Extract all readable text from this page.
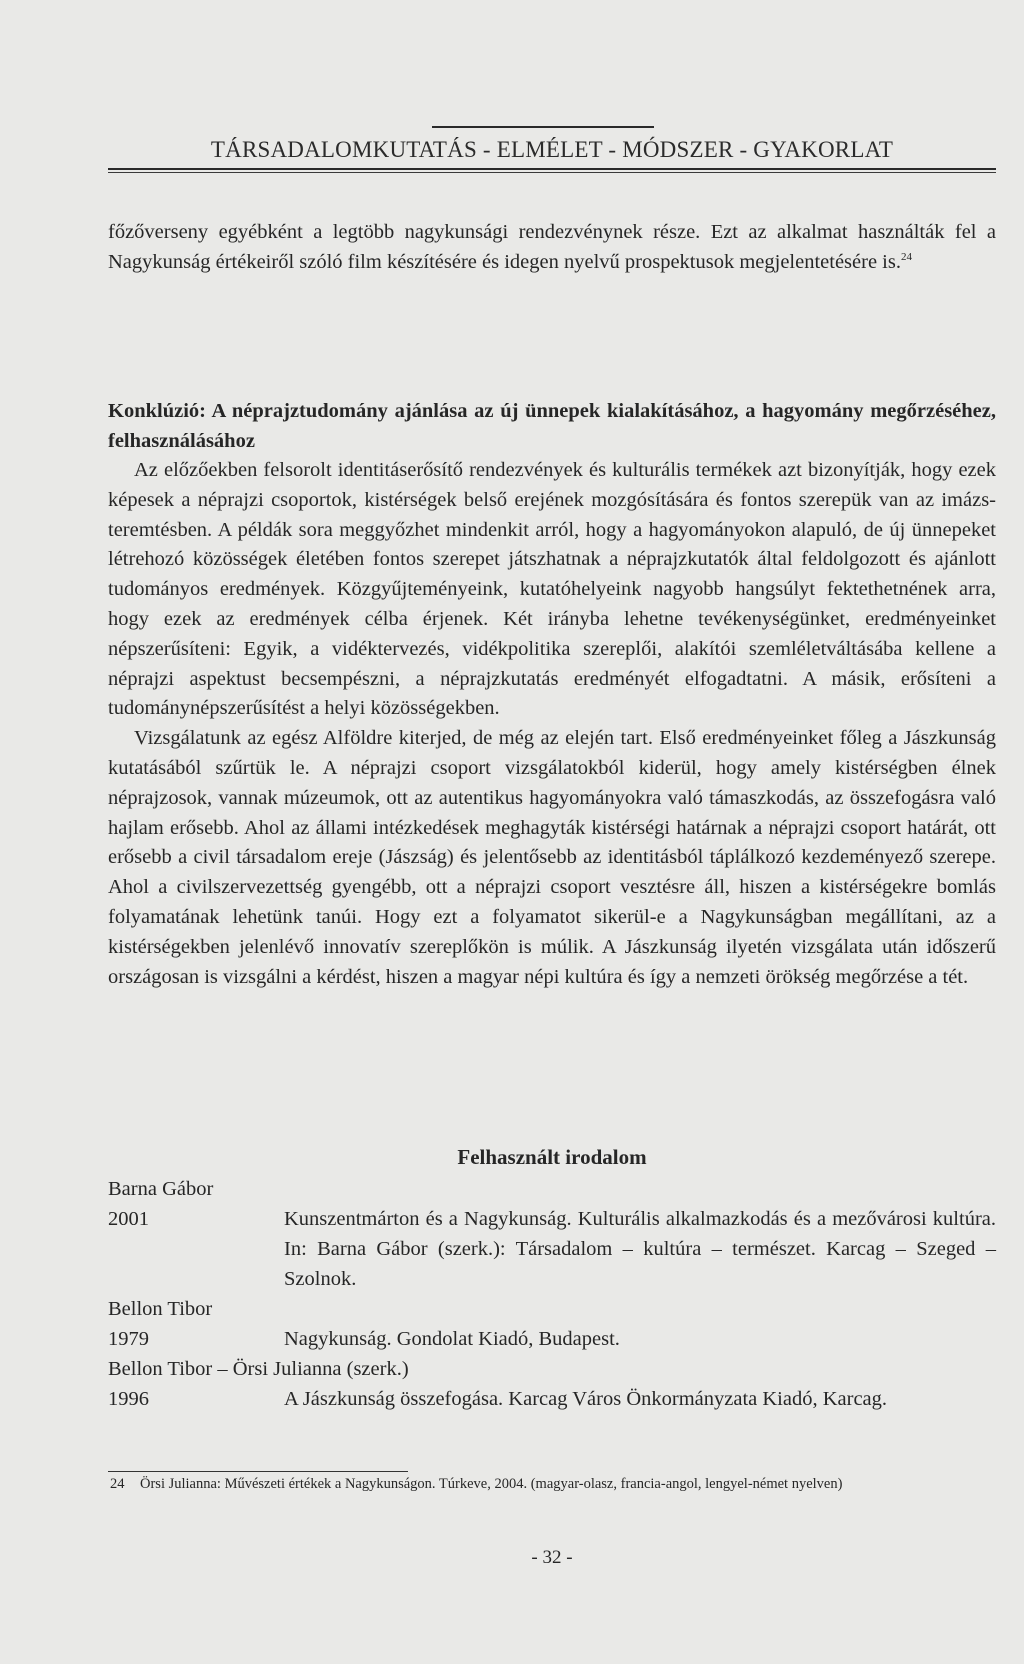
TÁRSADALOMKUTATÁS - ELMÉLET - MÓDSZER - GYAKORLAT

főzőverseny egyébként a legtöbb nagykunsági rendezvénynek része. Ezt az alkalmat használták fel a Nagykunság értékeiről szóló film készítésére és idegen nyelvű prospektusok megjelentetésére is.$^{24}$

Konklúzió: A néprajztudomány ajánlása az új ünnepek kialakításához, a hagyomány megőrzéséhez, felhasználásához

Az előzőekben felsorolt identitáserősítő rendezvények és kulturális termékek azt bizonyítják, hogy ezek képesek a néprajzi csoportok, kistérségek belső erejének mozgósítására és fontos szerepük van az imázs-teremtésben. A példák sora meggyőzhet mindenkit arról, hogy a hagyományokon alapuló, de új ünnepeket létrehozó közösségek életében fontos szerepet játszhatnak a néprajzkutatók által feldolgozott és ajánlott tudományos eredmények. Közgyűjteményeink, kutatóhelyeink nagyobb hangsúlyt fektethetnének arra, hogy ezek az eredmények célba érjenek. Két irányba lehetne tevékenységünket, eredményeinket népszerűsíteni: Egyik, a vidéktervezés, vidékpolitika szereplői, alakítói szemléletváltásába kellene a néprajzi aspektust becsempészni, a néprajzkutatás eredményét elfogadtatni. A másik, erősíteni a tudománynépszerűsítést a helyi közösségekben.

Vizsgálatunk az egész Alföldre kiterjed, de még az elején tart. Első eredményeinket főleg a Jászkunság kutatásából szűrtük le. A néprajzi csoport vizsgálatokból kiderül, hogy amely kistérségben élnek néprajzosok, vannak múzeumok, ott az autentikus hagyományokra való támaszkodás, az összefogásra való hajlam erősebb. Ahol az állami intézkedések meghagyták kistérségi határnak a néprajzi csoport határát, ott erősebb a civil társadalom ereje (Jászság) és jelentősebb az identitásból táplálkozó kezdeményező szerepe. Ahol a civilszervezettség gyengébb, ott a néprajzi csoport vesztésre áll, hiszen a kistérségekre bomlás folyamatának lehetünk tanúi. Hogy ezt a folyamatot sikerül-e a Nagykunságban megállítani, az a kistérségekben jelenlévő innovatív szereplőkön is múlik. A Jászkunság ilyetén vizsgálata után időszerű országosan is vizsgálni a kérdést, hiszen a magyar népi kultúra és így a nemzeti örökség megőrzése a tét.

Felhasznált irodalom

Barna Gábor

2001	Kunszentmárton és a Nagykunság. Kulturális alkalmazkodás és a mezővárosi kultúra. In: Barna Gábor (szerk.): Társadalom – kultúra – természet. Karcag – Szeged – Szolnok.

Bellon Tibor

1979	Nagykunság. Gondolat Kiadó, Budapest.

Bellon Tibor – Örsi Julianna (szerk.)

1996	A Jászkunság összefogása. Karcag Város Önkormányzata Kiadó, Karcag.
24 Örsi Julianna: Művészeti értékek a Nagykunságon. Túrkeve, 2004. (magyar-olasz, francia-angol, lengyel-német nyelven)
- 32 -
